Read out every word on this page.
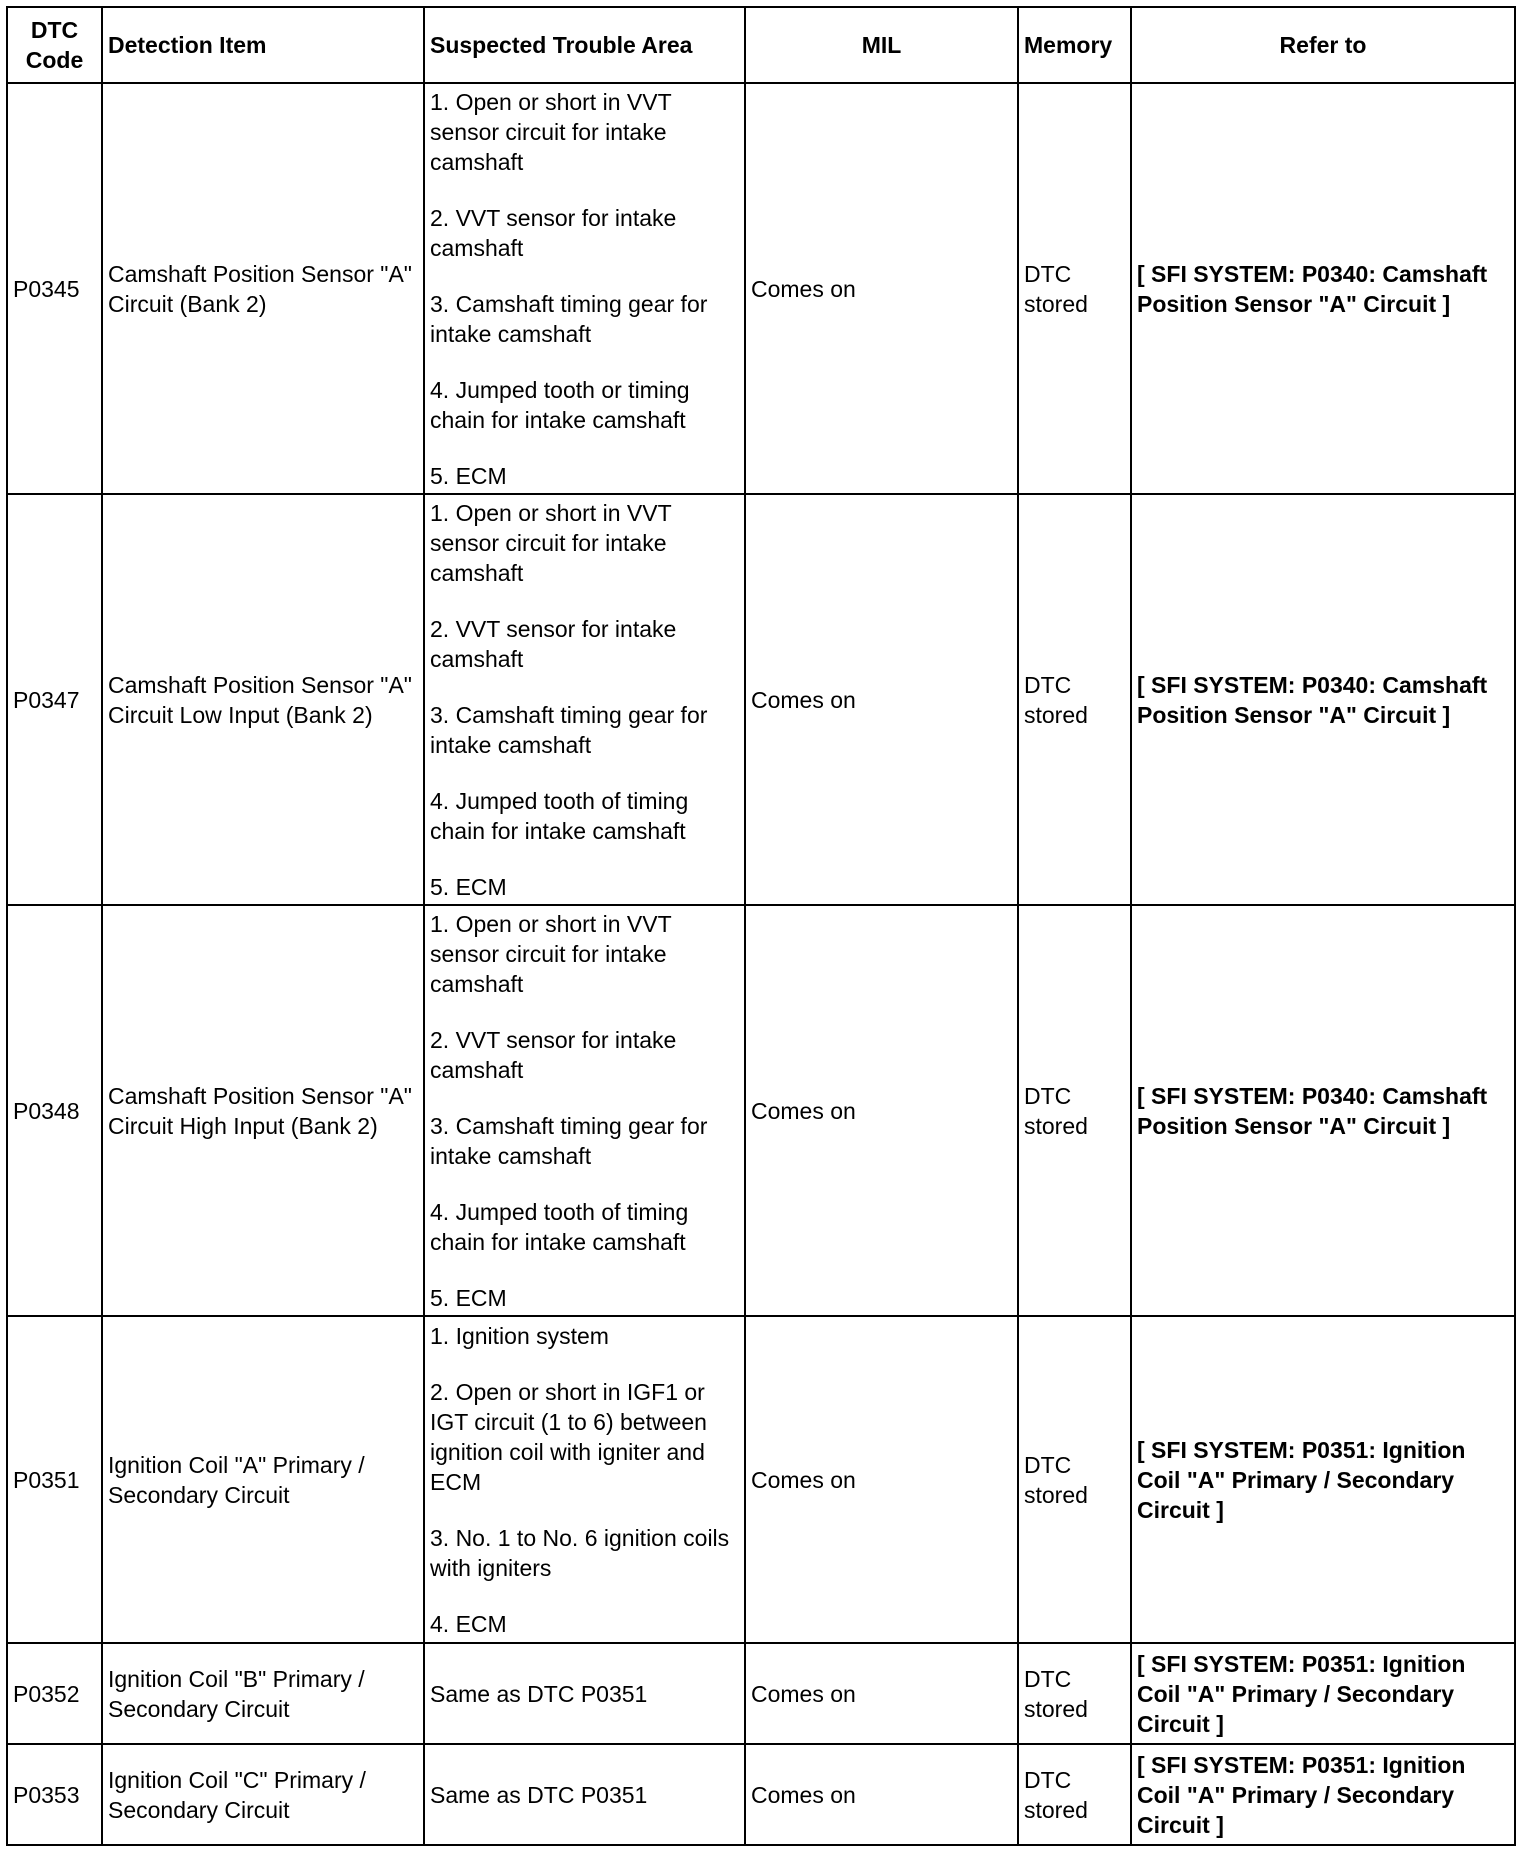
DTC Code	Detection Item	Suspected Trouble Area	MIL	Memory	Refer to
P0345	Camshaft Position Sensor "A" Circuit (Bank 2)	1. Open or short in VVT sensor circuit for intake camshaft

2. VVT sensor for intake camshaft

3. Camshaft timing gear for intake camshaft

4. Jumped tooth or timing chain for intake camshaft

5. ECM	Comes on	DTC stored	[ SFI SYSTEM: P0340: Camshaft Position Sensor "A" Circuit ]
P0347	Camshaft Position Sensor "A" Circuit Low Input (Bank 2)	1. Open or short in VVT sensor circuit for intake camshaft

2. VVT sensor for intake camshaft

3. Camshaft timing gear for intake camshaft

4. Jumped tooth of timing chain for intake camshaft

5. ECM	Comes on	DTC stored	[ SFI SYSTEM: P0340: Camshaft Position Sensor "A" Circuit ]
P0348	Camshaft Position Sensor "A" Circuit High Input (Bank 2)	1. Open or short in VVT sensor circuit for intake camshaft

2. VVT sensor for intake camshaft

3. Camshaft timing gear for intake camshaft

4. Jumped tooth of timing chain for intake camshaft

5. ECM	Comes on	DTC stored	[ SFI SYSTEM: P0340: Camshaft Position Sensor "A" Circuit ]
P0351	Ignition Coil "A" Primary / Secondary Circuit	1. Ignition system

2. Open or short in IGF1 or IGT circuit (1 to 6) between ignition coil with igniter and ECM

3. No. 1 to No. 6 ignition coils with igniters

4. ECM	Comes on	DTC stored	[ SFI SYSTEM: P0351: Ignition Coil "A" Primary / Secondary Circuit ]
P0352	Ignition Coil "B" Primary / Secondary Circuit	Same as DTC P0351	Comes on	DTC stored	[ SFI SYSTEM: P0351: Ignition Coil "A" Primary / Secondary Circuit ]
P0353	Ignition Coil "C" Primary / Secondary Circuit	Same as DTC P0351	Comes on	DTC stored	[ SFI SYSTEM: P0351: Ignition Coil "A" Primary / Secondary Circuit ]
